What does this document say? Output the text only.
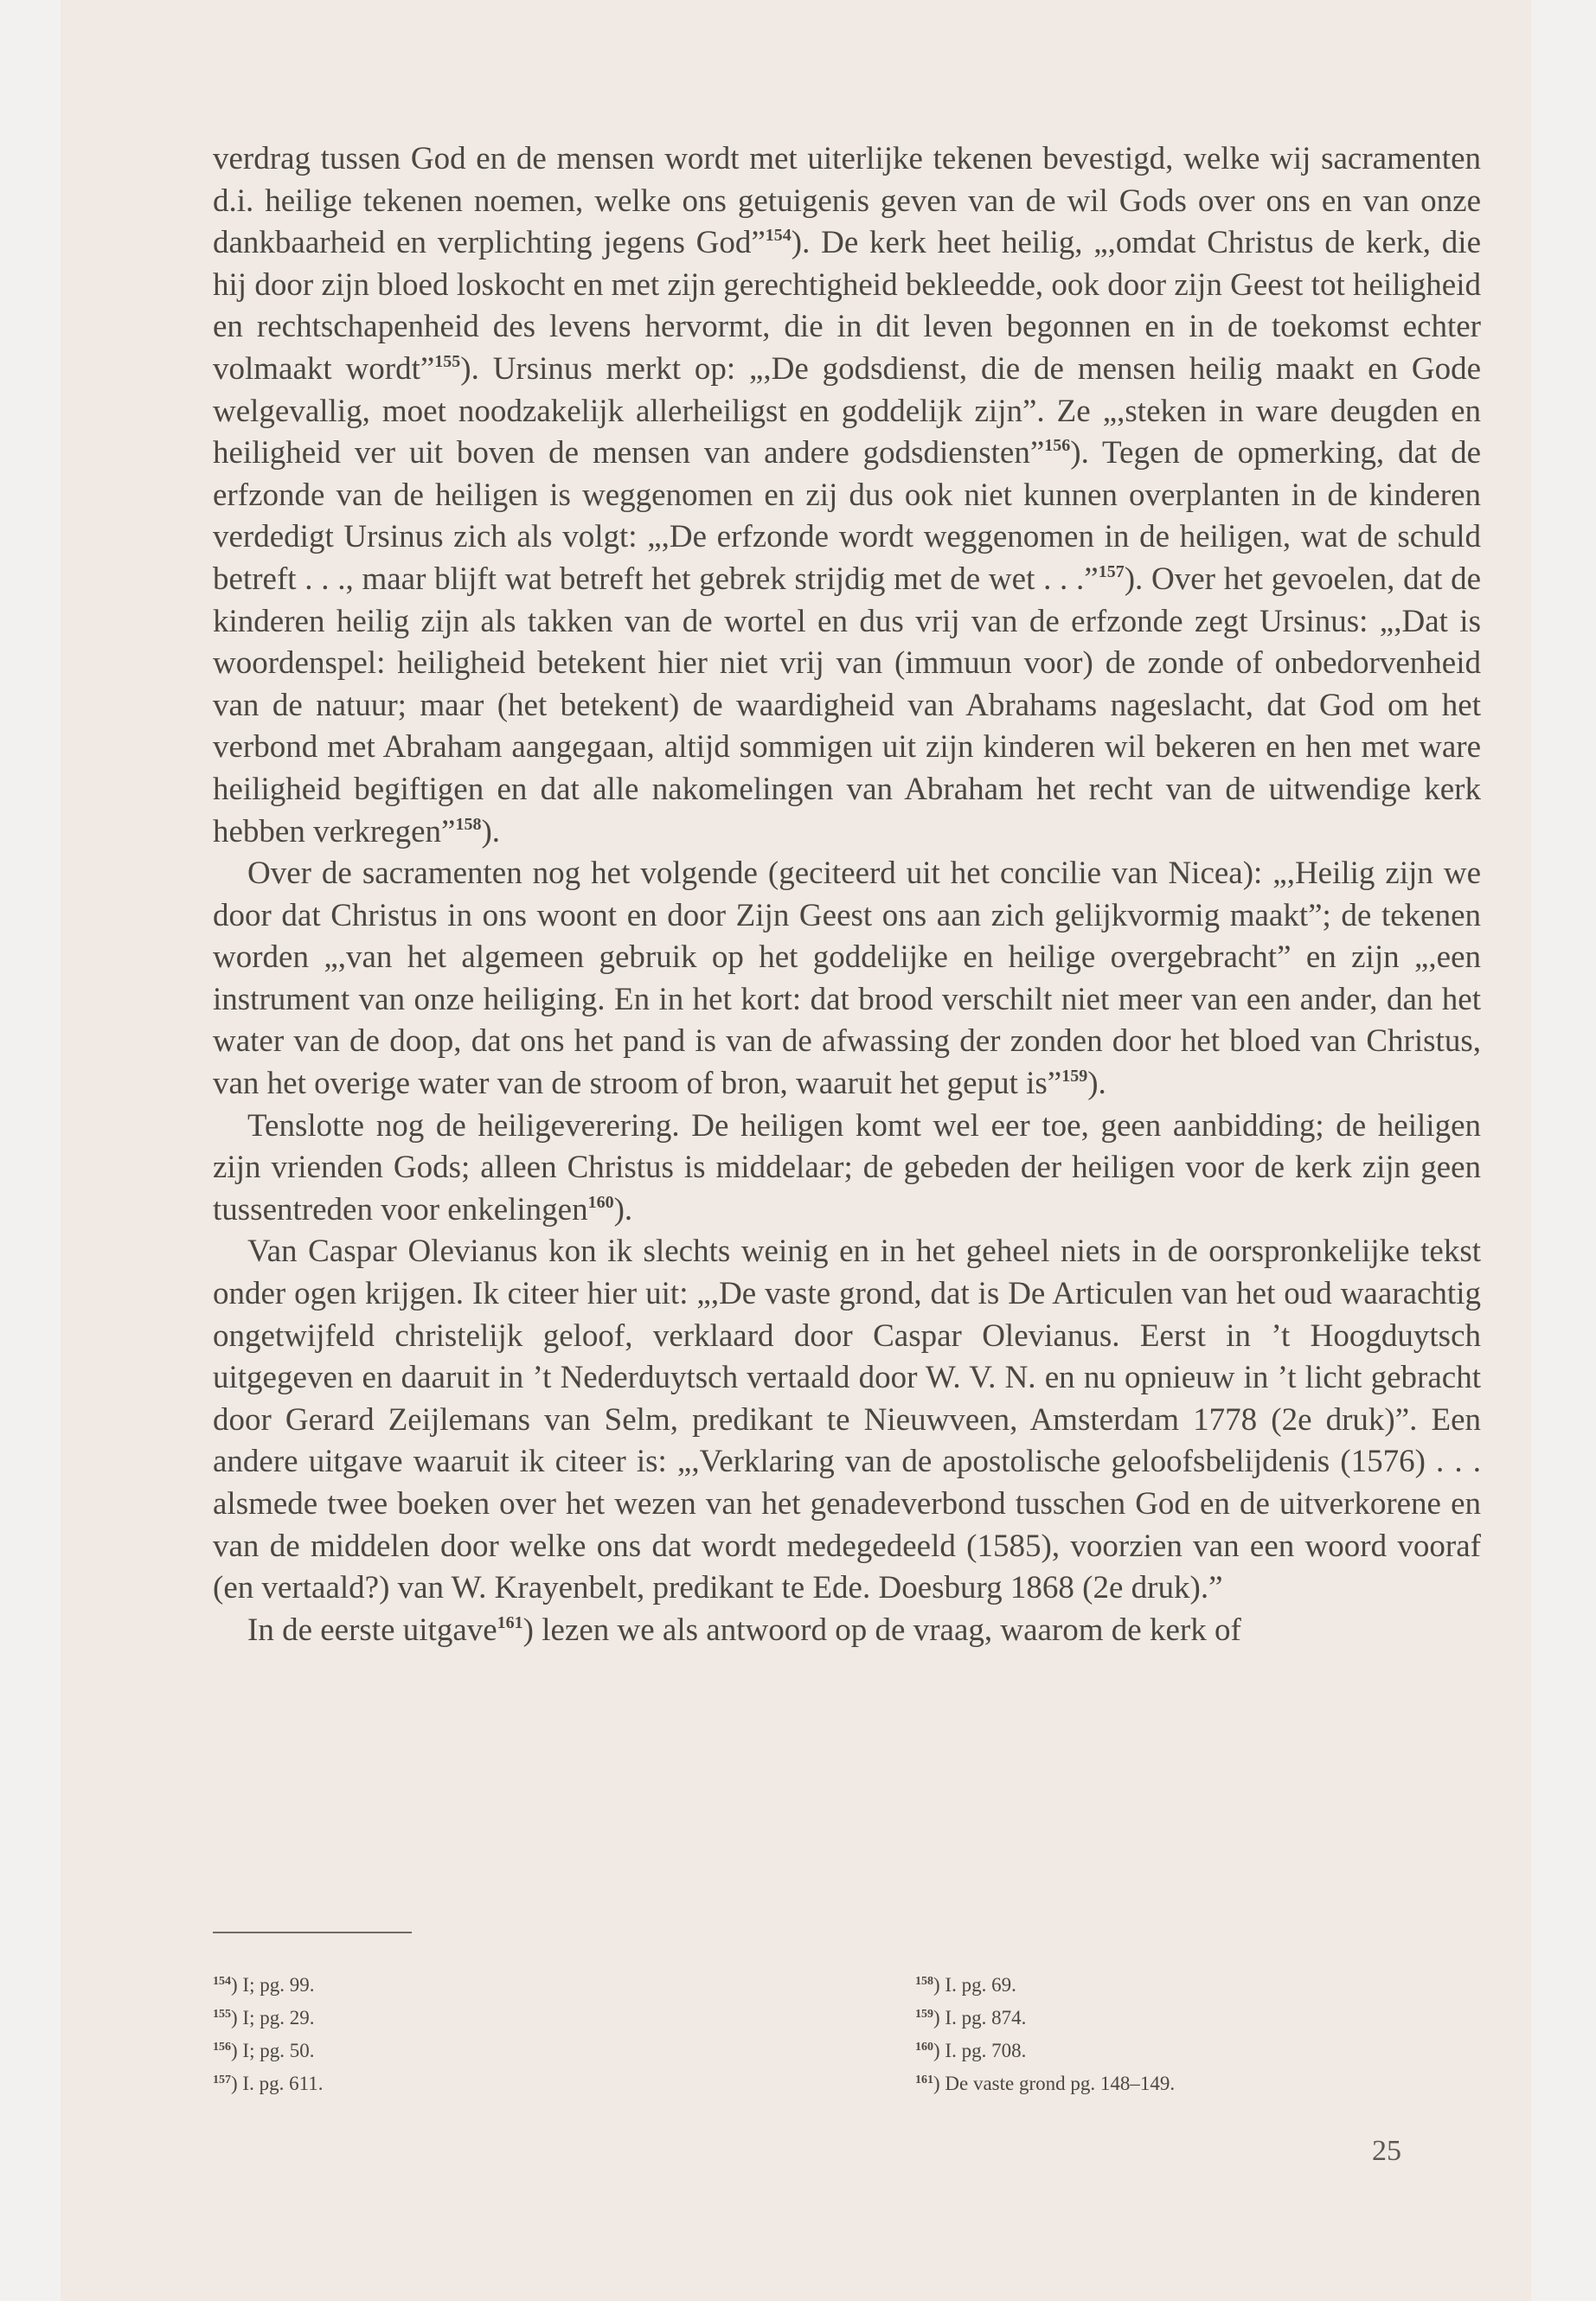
verdrag tussen God en de mensen wordt met uiterlijke tekenen bevestigd, welke wij sacramenten d.i. heilige tekenen noemen, welke ons getuigenis geven van de wil Gods over ons en van onze dankbaarheid en verplichting jegens God”$^{154}$). De kerk heet heilig, „,omdat Christus de kerk, die hij door zijn bloed loskocht en met zijn gerechtigheid bekleedde, ook door zijn Geest tot heiligheid en rechtschapenheid des levens hervormt, die in dit leven begonnen en in de toekomst echter volmaakt wordt”$^{155}$). Ursinus merkt op: „,De godsdienst, die de mensen heilig maakt en Gode welgevallig, moet noodzakelijk allerheiligst en goddelijk zijn”. Ze „,steken in ware deugden en heiligheid ver uit boven de mensen van andere godsdiensten”$^{156}$). Tegen de opmerking, dat de erfzonde van de heiligen is weggenomen en zij dus ook niet kunnen overplanten in de kinderen verdedigt Ursinus zich als volgt: „,De erfzonde wordt weggenomen in de heiligen, wat de schuld betreft . . ., maar blijft wat betreft het gebrek strijdig met de wet . . .”$^{157}$). Over het gevoelen, dat de kinderen heilig zijn als takken van de wortel en dus vrij van de erfzonde zegt Ursinus: „,Dat is woordenspel: heiligheid betekent hier niet vrij van (immuun voor) de zonde of onbedorvenheid van de natuur; maar (het betekent) de waardigheid van Abrahams nageslacht, dat God om het verbond met Abraham aangegaan, altijd sommigen uit zijn kinderen wil bekeren en hen met ware heiligheid begiftigen en dat alle nakomelingen van Abraham het recht van de uitwendige kerk hebben verkregen”$^{158}$).

Over de sacramenten nog het volgende (geciteerd uit het concilie van Nicea): „,Heilig zijn we door dat Christus in ons woont en door Zijn Geest ons aan zich gelijkvormig maakt”; de tekenen worden „,van het algemeen gebruik op het goddelijke en heilige overgebracht” en zijn „,een instrument van onze heiliging. En in het kort: dat brood verschilt niet meer van een ander, dan het water van de doop, dat ons het pand is van de afwassing der zonden door het bloed van Christus, van het overige water van de stroom of bron, waaruit het geput is”$^{159}$).

Tenslotte nog de heiligeverering. De heiligen komt wel eer toe, geen aanbidding; de heiligen zijn vrienden Gods; alleen Christus is middelaar; de gebeden der heiligen voor de kerk zijn geen tussentreden voor enkelingen$^{160}$).

Van Caspar Olevianus kon ik slechts weinig en in het geheel niets in de oorspronkelijke tekst onder ogen krijgen. Ik citeer hier uit: „,De vaste grond, dat is De Articulen van het oud waarachtig ongetwijfeld christelijk geloof, verklaard door Caspar Olevianus. Eerst in ’t Hoogduytsch uitgegeven en daaruit in ’t Nederduytsch vertaald door W. V. N. en nu opnieuw in ’t licht gebracht door Gerard Zeijlemans van Selm, predikant te Nieuwveen, Amsterdam 1778 (2e druk)”. Een andere uitgave waaruit ik citeer is: „,Verklaring van de apostolische geloofsbelijdenis (1576) . . . alsmede twee boeken over het wezen van het genadeverbond tusschen God en de uitverkorene en van de middelen door welke ons dat wordt medegedeeld (1585), voorzien van een woord vooraf (en vertaald?) van W. Krayenbelt, predikant te Ede. Doesburg 1868 (2e druk).”

In de eerste uitgave$^{161}$) lezen we als antwoord op de vraag, waarom de kerk of

$^{154}$) I; pg. 99.
$^{155}$) I; pg. 29.
$^{156}$) I; pg. 50.
$^{157}$) I. pg. 611.
$^{158}$) I. pg. 69.
$^{159}$) I. pg. 874.
$^{160}$) I. pg. 708.
$^{161}$) De vaste grond pg. 148–149.
25
